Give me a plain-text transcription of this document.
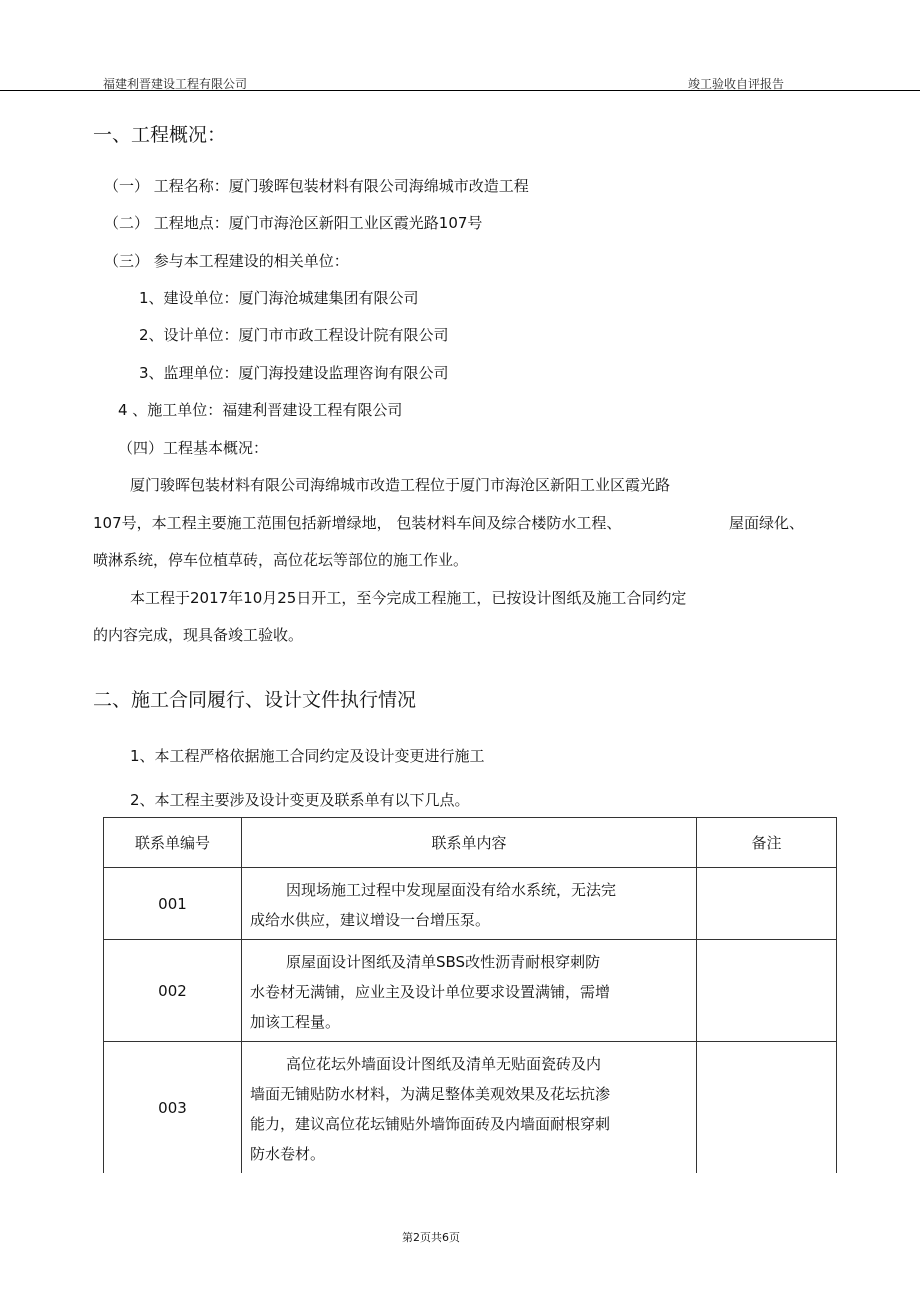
福建利晋建设工程有限公司	竣工验收自评报告
一、工程概况：
（一） 工程名称：厦门骏晖包装材料有限公司海绵城市改造工程
（二） 工程地点：厦门市海沧区新阳工业区霞光路107号
（三） 参与本工程建设的相关单位：
1、建设单位：厦门海沧城建集团有限公司
2、设计单位：厦门市市政工程设计院有限公司
3、监理单位：厦门海投建设监理咨询有限公司
4 、施工单位：福建利晋建设工程有限公司
（四）工程基本概况：
厦门骏晖包装材料有限公司海绵城市改造工程位于厦门市海沧区新阳工业区霞光路
107号，本工程主要施工范围包括新增绿地， 包装材料车间及综合楼防水工程、	屋面绿化、
喷淋系统，停车位植草砖，高位花坛等部位的施工作业。
本工程于2017年10月25日开工，至今完成工程施工，已按设计图纸及施工合同约定
的内容完成，现具备竣工验收。
二、施工合同履行、设计文件执行情况
1、本工程严格依据施工合同约定及设计变更进行施工
2、本工程主要涉及设计变更及联系单有以下几点。
联系单编号	联系单内容	备注
001	因现场施工过程中发现屋面没有给水系统，无法完
成给水供应，建议增设一台增压泵。	

002	原屋面设计图纸及清单SBS改性沥青耐根穿刺防
水卷材无满铺，应业主及设计单位要求设置满铺，需增
加该工程量。	

003	高位花坛外墙面设计图纸及清单无贴面瓷砖及内
墙面无铺贴防水材料，为满足整体美观效果及花坛抗渗
能力，建议高位花坛铺贴外墙饰面砖及内墙面耐根穿刺
防水卷材。	

第2页共6页
